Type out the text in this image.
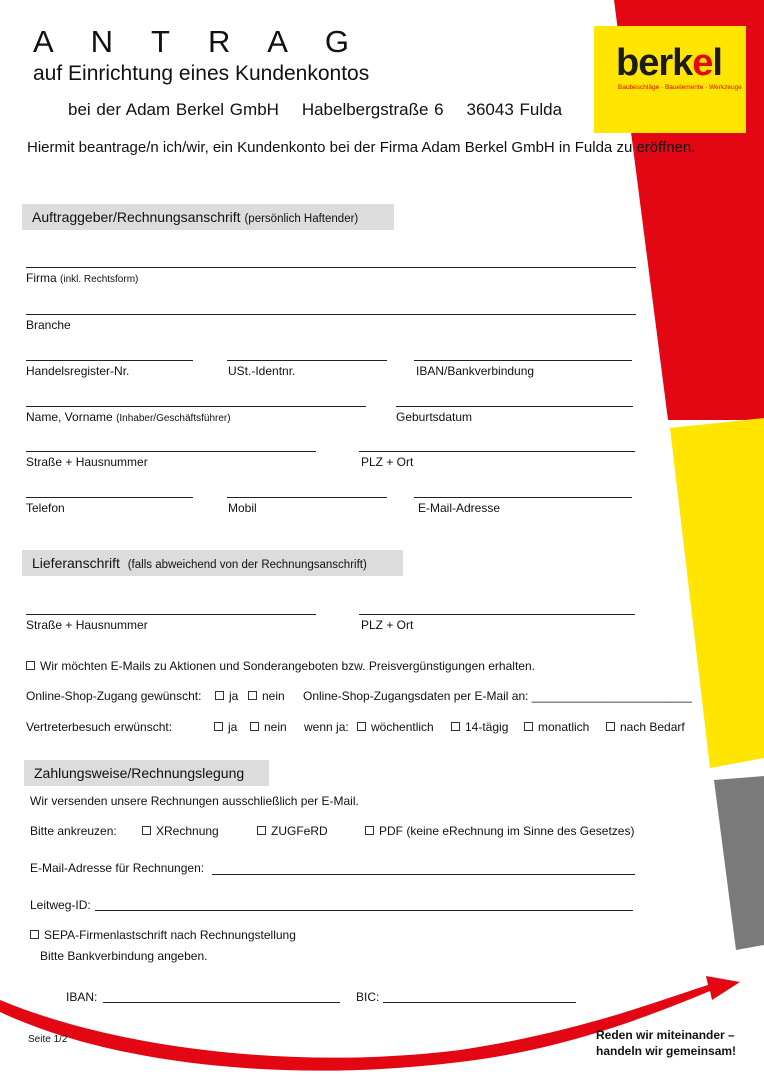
A N T R A G
auf Einrichtung eines Kundenkontos
bei der Adam Berkel GmbH    Habelbergstraße 6    36043 Fulda
Hiermit beantrage/n ich/wir, ein Kundenkonto bei der Firma Adam Berkel GmbH in Fulda zu eröffnen.
berkel
Baubeschläge · Bauelemente · Werkzeuge
Auftraggeber/Rechnungsanschrift (persönlich Haftender)
Firma (inkl. Rechtsform)
Branche
Handelsregister-Nr.	USt.-Identnr.	IBAN/Bankverbindung
Name, Vorname (Inhaber/Geschäftsführer)	Geburtsdatum
Straße + Hausnummer	PLZ + Ort
Telefon	Mobil	E-Mail-Adresse
Lieferanschrift (falls abweichend von der Rechnungsanschrift)
Straße + Hausnummer	PLZ + Ort
Wir möchten E-Mails zu Aktionen und Sonderangeboten bzw. Preisvergünstigungen erhalten.
Online-Shop-Zugang gewünscht:	ja	nein Online-Shop-Zugangsdaten per E-Mail an: ________________________
Vertreterbesuch erwünscht:	ja	nein wenn ja:	wöchentlich	14-tägig	monatlich	nach Bedarf
Zahlungsweise/Rechnungslegung
Wir versenden unsere Rechnungen ausschließlich per E-Mail.
Bitte ankreuzen:	XRechnung	ZUGFeRD	PDF (keine eRechnung im Sinne des Gesetzes)
E-Mail-Adresse für Rechnungen:
Leitweg-ID:
SEPA-Firmenlastschrift nach Rechnungstellung
Bitte Bankverbindung angeben.
IBAN:	BIC:
Seite 1/2	Reden wir miteinander –
handeln wir gemeinsam!
